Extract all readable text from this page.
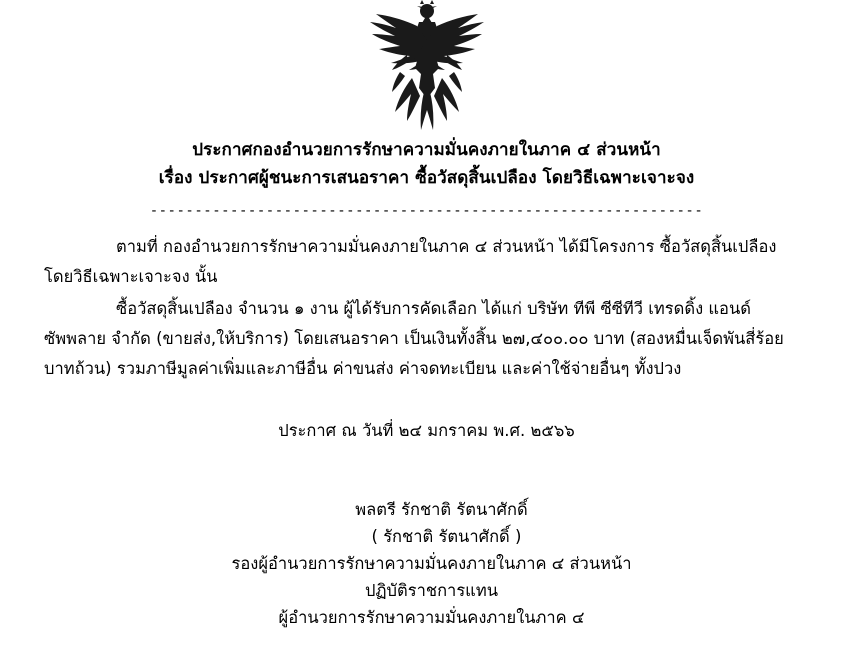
ประกาศกองอำนวยการรักษาความมั่นคงภายในภาค ๔ ส่วนหน้า
เรื่อง ประกาศผู้ชนะการเสนอราคา ซื้อวัสดุสิ้นเปลือง โดยวิธีเฉพาะเจาะจง
--------------------------------------------------------------

ตามที่ กองอำนวยการรักษาความมั่นคงภายในภาค ๔ ส่วนหน้า ได้มีโครงการ ซื้อวัสดุสิ้นเปลือง โดยวิธีเฉพาะเจาะจง นั้น

ซื้อวัสดุสิ้นเปลือง จำนวน ๑ งาน ผู้ได้รับการคัดเลือก ได้แก่ บริษัท ทีพี ซีซีทีวี เทรดดิ้ง แอนด์ ซัพพลาย จำกัด (ขายส่ง,ให้บริการ) โดยเสนอราคา เป็นเงินทั้งสิ้น ๒๗,๔๐๐.๐๐ บาท (สองหมื่นเจ็ดพันสี่ร้อยบาทถ้วน) รวมภาษีมูลค่าเพิ่มและภาษีอื่น ค่าขนส่ง ค่าจดทะเบียน และค่าใช้จ่ายอื่นๆ ทั้งปวง

ประกาศ ณ วันที่ ๒๔ มกราคม พ.ศ. ๒๕๖๖
พลตรี รักชาติ รัตนาศักดิ์
( รักชาติ รัตนาศักดิ์ )
รองผู้อำนวยการรักษาความมั่นคงภายในภาค ๔ ส่วนหน้า
ปฏิบัติราชการแทน
ผู้อำนวยการรักษาความมั่นคงภายในภาค ๔
